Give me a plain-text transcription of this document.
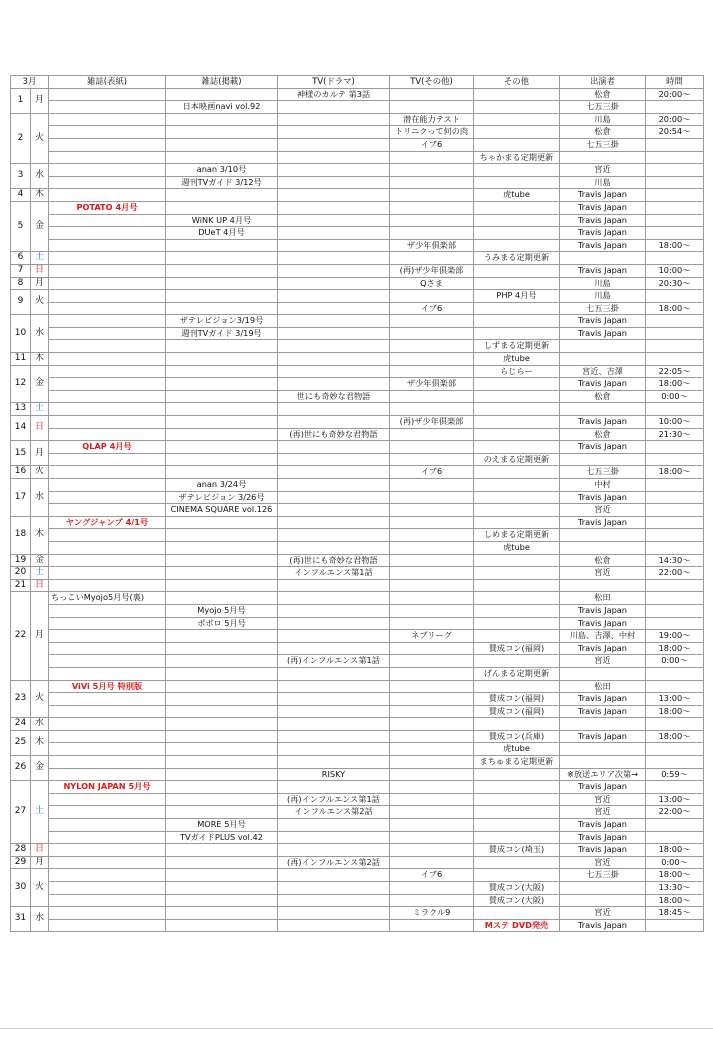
3月		雑誌(表紙)	雑誌(掲載)	TV(ドラマ)	TV(その他)	その他	出演者	時間
1	月			神様のカルテ 第3話			松倉	20:00～
			日本映画navi vol.92				七五三掛	
2	火				潜在能力テスト		川島	20:00～
					トリニクって何の肉		松倉	20:54～
					イブ6		七五三掛	
						ちゃかまる定期更新		
3	水		anan 3/10号				宮近	
			週刊TVガイド 3/12号				川島	
4	木					虎tube	Travis Japan	
5	金	POTATO 4月号					Travis Japan	
			WiNK UP 4月号				Travis Japan	
			DUeT 4月号				Travis Japan	
					ザ少年倶楽部		Travis Japan	18:00～
6	土					うみまる定期更新		
7	日				(再)ザ少年倶楽部		Travis Japan	10:00～
8	月				Qさま		川島	20:30～
9	火					PHP 4月号	川島	
					イブ6		七五三掛	18:00～
10	水		ザテレビジョン3/19号				Travis Japan	
			週刊TVガイド 3/19号				Travis Japan	
						しずまる定期更新		
11	木					虎tube		
12	金					らじらー	宮近、吉澤	22:05～
					ザ少年倶楽部		Travis Japan	18:00～
				世にも奇妙な君物語			松倉	0:00～
13	土							
14	日				(再)ザ少年倶楽部		Travis Japan	10:00～
				(再)世にも奇妙な君物語			松倉	21:30～
15	月	QLAP 4月号					Travis Japan	
						のえまる定期更新		
16	火				イブ6		七五三掛	18:00～
17	水		anan 3/24号				中村	
			ザテレビジョン 3/26号				Travis Japan	
			CINEMA SQUARE vol.126				宮近	
18	木	ヤングジャンプ 4/1号					Travis Japan	
						しめまる定期更新		
						虎tube		
19	金			(再)世にも奇妙な君物語			松倉	14:30～
20	土			インフルエンス第1話			宮近	22:00～
21	日							
22	月	ちっこいMyojo5月号(裏)					松田	
			Myojo 5月号				Travis Japan	
			ポポロ 5月号				Travis Japan	
					ネプリーグ		川島、吉澤、中村	19:00～
						賛成コン(福岡)	Travis Japan	18:00～
				(再)インフルエンス第1話			宮近	0:00～
						げんまる定期更新		
23	火	ViVi 5月号 特別版					松田	
						賛成コン(福岡)	Travis Japan	13:00～
						賛成コン(福岡)	Travis Japan	18:00～
24	水							
25	木					賛成コン(兵庫)	Travis Japan	18:00～
						虎tube		
26	金					まちゅまる定期更新		
				RISKY			※放送エリア次第→	0:59～
27	土	NYLON JAPAN 5月号					Travis Japan	
				(再)インフルエンス第1話			宮近	13:00～
				インフルエンス第2話			宮近	22:00～
			MORE 5月号				Travis Japan	
			TVガイドPLUS vol.42				Travis Japan	
28	日					賛成コン(埼玉)	Travis Japan	18:00～
29	月			(再)インフルエンス第2話			宮近	0:00～
30	火				イブ6		七五三掛	18:00～
						賛成コン(大阪)		13:30～
						賛成コン(大阪)		18:00～
31	水				ミラクル9		宮近	18:45～
						Mステ DVD発売	Travis Japan	
